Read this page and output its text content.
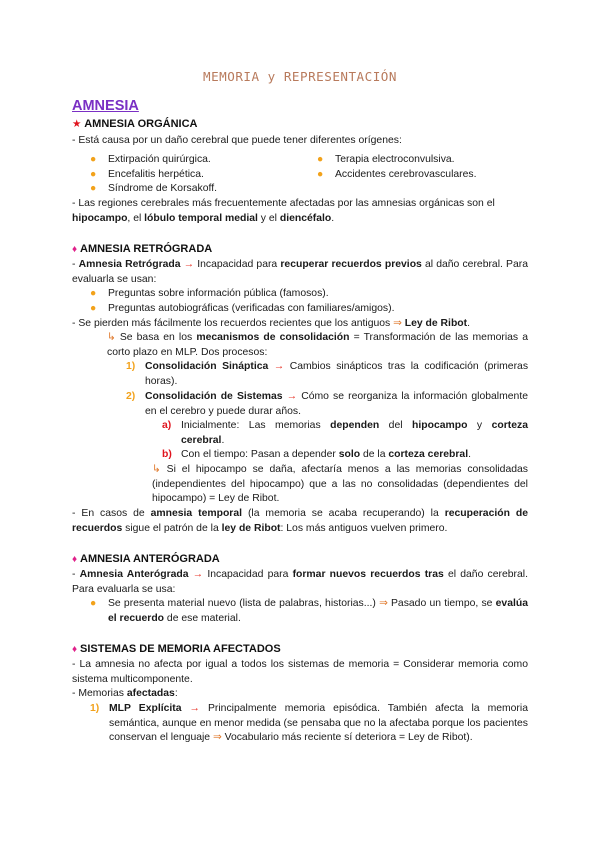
MEMORIA y REPRESENTACIÓN
AMNESIA
★ AMNESIA ORGÁNICA
- Está causa por un daño cerebral que puede tener diferentes orígenes:
●	Extirpación quirúrgica.
●	Encefalitis herpética.
●	Síndrome de Korsakoff.
●	Terapia electroconvulsiva.
●	Accidentes cerebrovasculares.
- Las regiones cerebrales más frecuentemente afectadas por las amnesias orgánicas son el
hipocampo, el lóbulo temporal medial y el diencéfalo.
♦ AMNESIA RETRÓGRADA
- Amnesia Retrógrada → Incapacidad para recuperar recuerdos previos al daño cerebral. Para evaluarla se usan:
●	Preguntas sobre información pública (famosos).
●	Preguntas autobiográficas (verificadas con familiares/amigos).
- Se pierden más fácilmente los recuerdos recientes que los antiguos ⇒ Ley de Ribot.
↳ Se basa en los mecanismos de consolidación = Transformación de las memorias a corto plazo en MLP. Dos procesos:
1) Consolidación Sináptica → Cambios sinápticos tras la codificación (primeras horas).
2) Consolidación de Sistemas → Cómo se reorganiza la información globalmente en el cerebro y puede durar años.
a) Inicialmente: Las memorias dependen del hipocampo y corteza cerebral.
b) Con el tiempo: Pasan a depender solo de la corteza cerebral.
↳ Si el hipocampo se daña, afectaría menos a las memorias consolidadas (independientes del hipocampo) que a las no consolidadas (dependientes del hipocampo) = Ley de Ribot.
- En casos de amnesia temporal (la memoria se acaba recuperando) la recuperación de recuerdos sigue el patrón de la ley de Ribot: Los más antiguos vuelven primero.
♦ AMNESIA ANTERÓGRADA
- Amnesia Anterógrada → Incapacidad para formar nuevos recuerdos tras el daño cerebral. Para evaluarla se usa:
●	Se presenta material nuevo (lista de palabras, historias...) ⇒ Pasado un tiempo, se evalúa el recuerdo de ese material.
♦ SISTEMAS DE MEMORIA AFECTADOS
- La amnesia no afecta por igual a todos los sistemas de memoria = Considerar memoria como sistema multicomponente.
- Memorias afectadas:
1) MLP Explícita → Principalmente memoria episódica. También afecta la memoria semántica, aunque en menor medida (se pensaba que no la afectaba porque los pacientes conservan el lenguaje ⇒ Vocabulario más reciente sí deteriora = Ley de Ribot).
